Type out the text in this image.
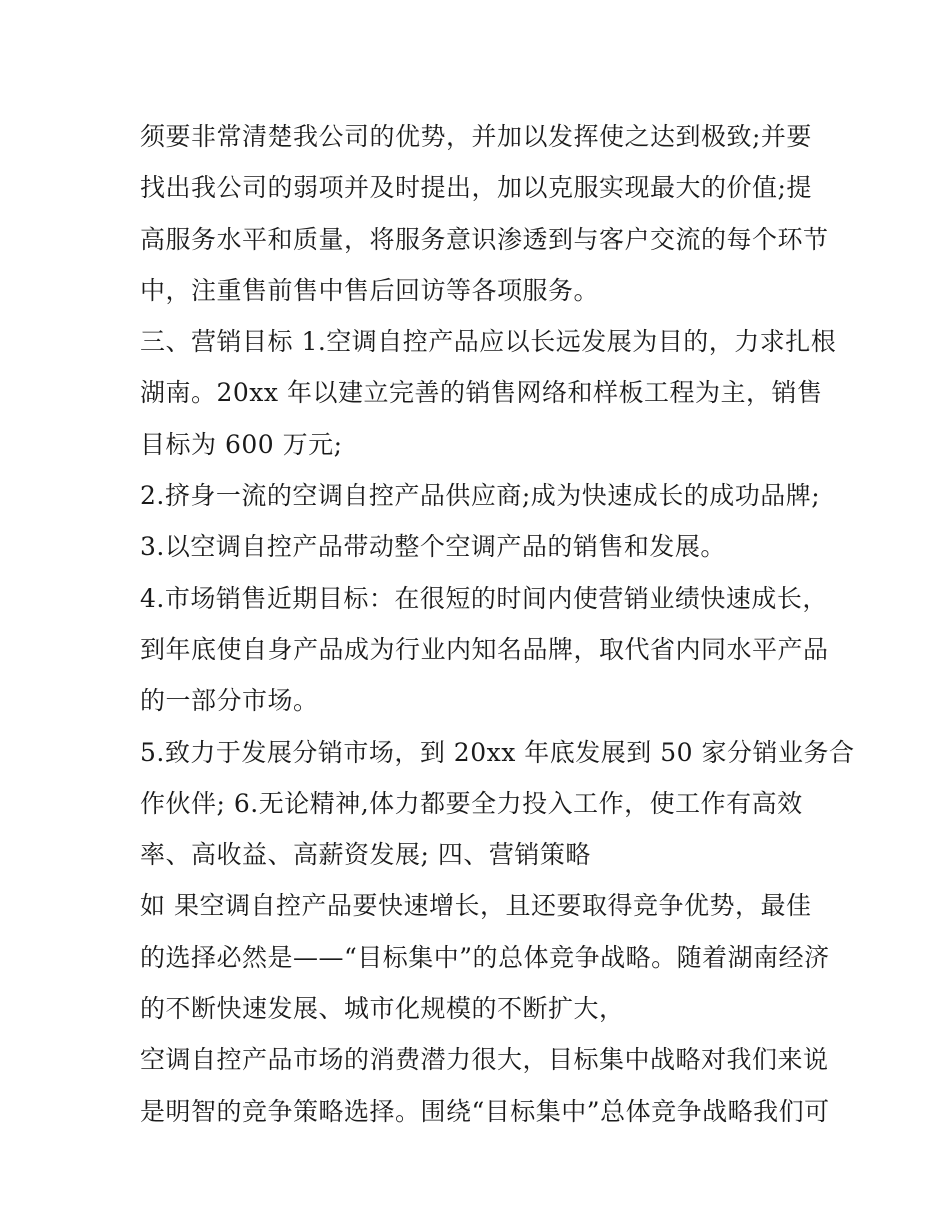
须要非常清楚我公司的优势，并加以发挥使之达到极致;并要
找出我公司的弱项并及时提出，加以克服实现最大的价值;提
高服务水平和质量，将服务意识渗透到与客户交流的每个环节
中，注重售前售中售后回访等各项服务。
三、营销目标 1.空调自控产品应以长远发展为目的，力求扎根
湖南。20xx 年以建立完善的销售网络和样板工程为主，销售
目标为 600 万元;
2.挤身一流的空调自控产品供应商;成为快速成长的成功品牌;
3.以空调自控产品带动整个空调产品的销售和发展。
4.市场销售近期目标：在很短的时间内使营销业绩快速成长，
到年底使自身产品成为行业内知名品牌，取代省内同水平产品
的一部分市场。
5.致力于发展分销市场，到 20xx 年底发展到 50 家分销业务合
作伙伴; 6.无论精神,体力都要全力投入工作，使工作有高效
率、高收益、高薪资发展; 四、营销策略
如 果空调自控产品要快速增长，且还要取得竞争优势，最佳
的选择必然是——“目标集中”的总体竞争战略。随着湖南经济
的不断快速发展、城市化规模的不断扩大，
空调自控产品市场的消费潜力很大，目标集中战略对我们来说
是明智的竞争策略选择。围绕“目标集中”总体竞争战略我们可
